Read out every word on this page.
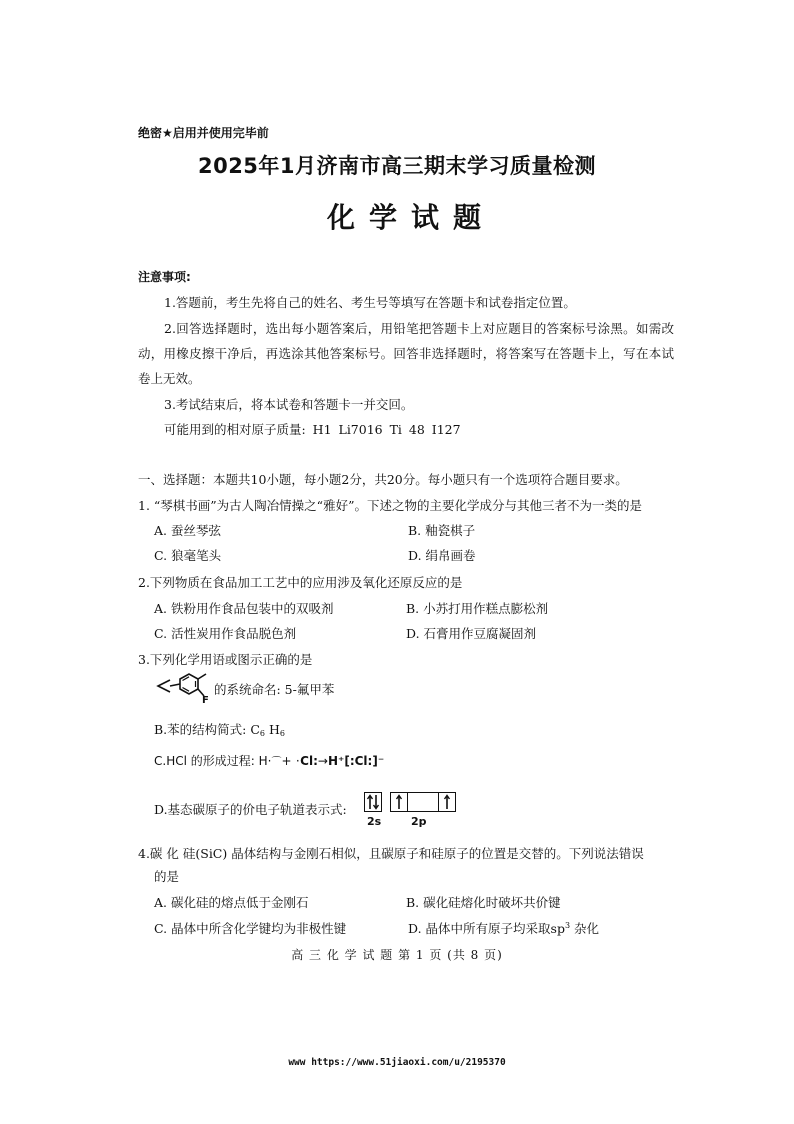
绝密★启用并使用完毕前
2025年1月济南市高三期末学习质量检测
化学试题
注意事项:
1.答题前，考生先将自己的姓名、考生号等填写在答题卡和试卷指定位置。
2.回答选择题时，选出每小题答案后，用铅笔把答题卡上对应题目的答案标号涂黑。如需改动，用橡皮擦干净后，再选涂其他答案标号。回答非选择题时，将答案写在答题卡上，写在本试卷上无效。
3.考试结束后，将本试卷和答题卡一并交回。
可能用到的相对原子质量: H1 Li7016 Ti 48 I127
一、选择题：本题共10小题，每小题2分，共20分。每小题只有一个选项符合题目要求。
1. “琴棋书画”为古人陶冶情操之“雅好”。下述之物的主要化学成分与其他三者不为一类的是
A. 蚕丝琴弦	B. 釉瓷棋子
C. 狼毫笔头	D. 绢帛画卷
2.下列物质在食品加工工艺中的应用涉及氧化还原反应的是
A. 铁粉用作食品包装中的双吸剂	B. 小苏打用作糕点膨松剂
C. 活性炭用作食品脱色剂	D. 石膏用作豆腐凝固剂
3.下列化学用语或图示正确的是
F
的系统命名: 5-氟甲苯
B.苯的结构简式: $C_6$ $H_6$
C.HCl 的形成过程: H·⌒+ ·Cl:→H⁺[:Cl:]⁻
D.基态碳原子的价电子轨道表示式:
2s	2p
4.碳 化 硅(SiC) 晶体结构与金刚石相似，且碳原子和硅原子的位置是交替的。下列说法错误
的是
A. 碳化硅的熔点低于金刚石	B. 碳化硅熔化时破坏共价键
C. 晶体中所含化学键均为非极性键	D. 晶体中所有原子均采取$sp^3$ 杂化
高 三 化 学 试 题 第 1 页 (共 8 页)
www https://www.51jiaoxi.com/u/2195370
